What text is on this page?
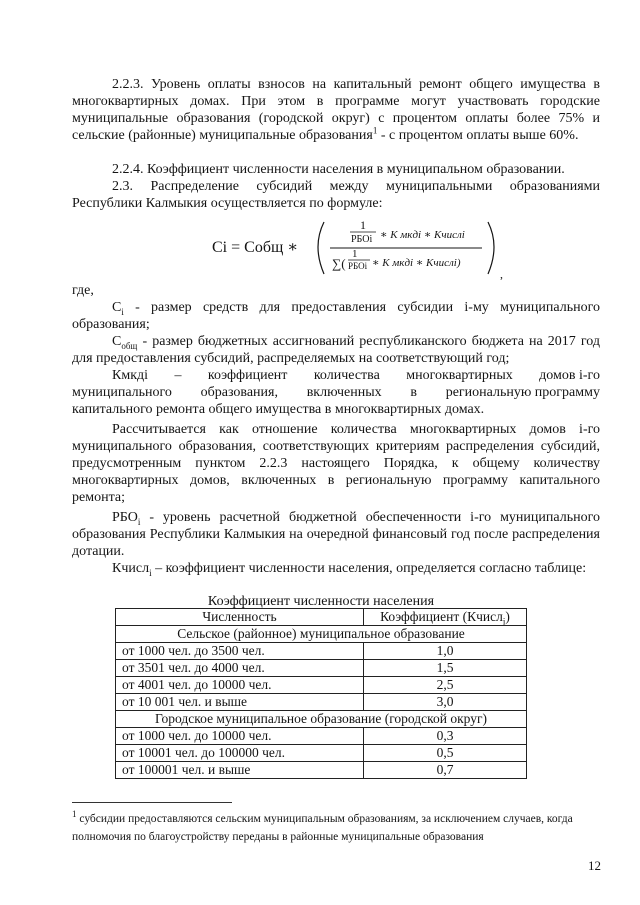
2.2.3. Уровень оплаты взносов на капитальный ремонт общего имущества в многоквартирных домах. При этом в программе могут участвовать городские муниципальные образования (городской округ) с процентом оплаты более 75% и сельские (районные) муниципальные образования$^1$ - с процентом оплаты выше 60%.

2.2.4. Коэффициент численности населения в муниципальном образовании.

2.3. Распределение субсидий между муниципальными образованиями Республики Калмыкия осуществляется по формуле:

Ci = Cобщ ∗
1
РБОi ∗ К мкдi ∗ Kчислi
∑(
1
РБОi ∗ К мкдi ∗ Kчислi)
,

где,

$C_i$ - размер средств для предоставления субсидии i-му муниципального образования;

$C_{общ}$ - размер бюджетных ассигнований республиканского бюджета на 2017 год для предоставления субсидий, распределяемых на соответствующий год;

Кмкдi – коэффициент количества многоквартирных домов i-го
муниципального образования, включенных в региональную программу

капитального ремонта общего имущества в многоквартирных домах.

Рассчитывается как отношение количества многоквартирных домов i-го муниципального образования, соответствующих критериям распределения субсидий, предусмотренным пунктом 2.2.3 настоящего Порядка, к общему количеству многоквартирных домов, включенных в региональную программу капитального ремонта;

$РБО_i$ - уровень расчетной бюджетной обеспеченности i-го муниципального образования Республики Калмыкия на очередной финансовый год после распределения дотации.

Кчисл$_i$ – коэффициент численности населения, определяется согласно таблице:

Коэффициент численности населения
Численность	Коэффициент (Кчисл$_i$)
Сельское (районное) муниципальное образование	
от 1000 чел. до 3500 чел.	1,0
от 3501 чел. до 4000 чел.	1,5
от 4001 чел. до 10000 чел.	2,5
от 10 001 чел. и выше	3,0
Городское муниципальное образование (городской округ)	
от 1000 чел. до 10000 чел.	0,3
от 10001 чел. до 100000 чел.	0,5
от 100001 чел. и выше	0,7
$^1$ субсидии предоставляются сельским муниципальным образованиям, за исключением случаев, когда полномочия по благоустройству переданы в районные муниципальные образования
12
